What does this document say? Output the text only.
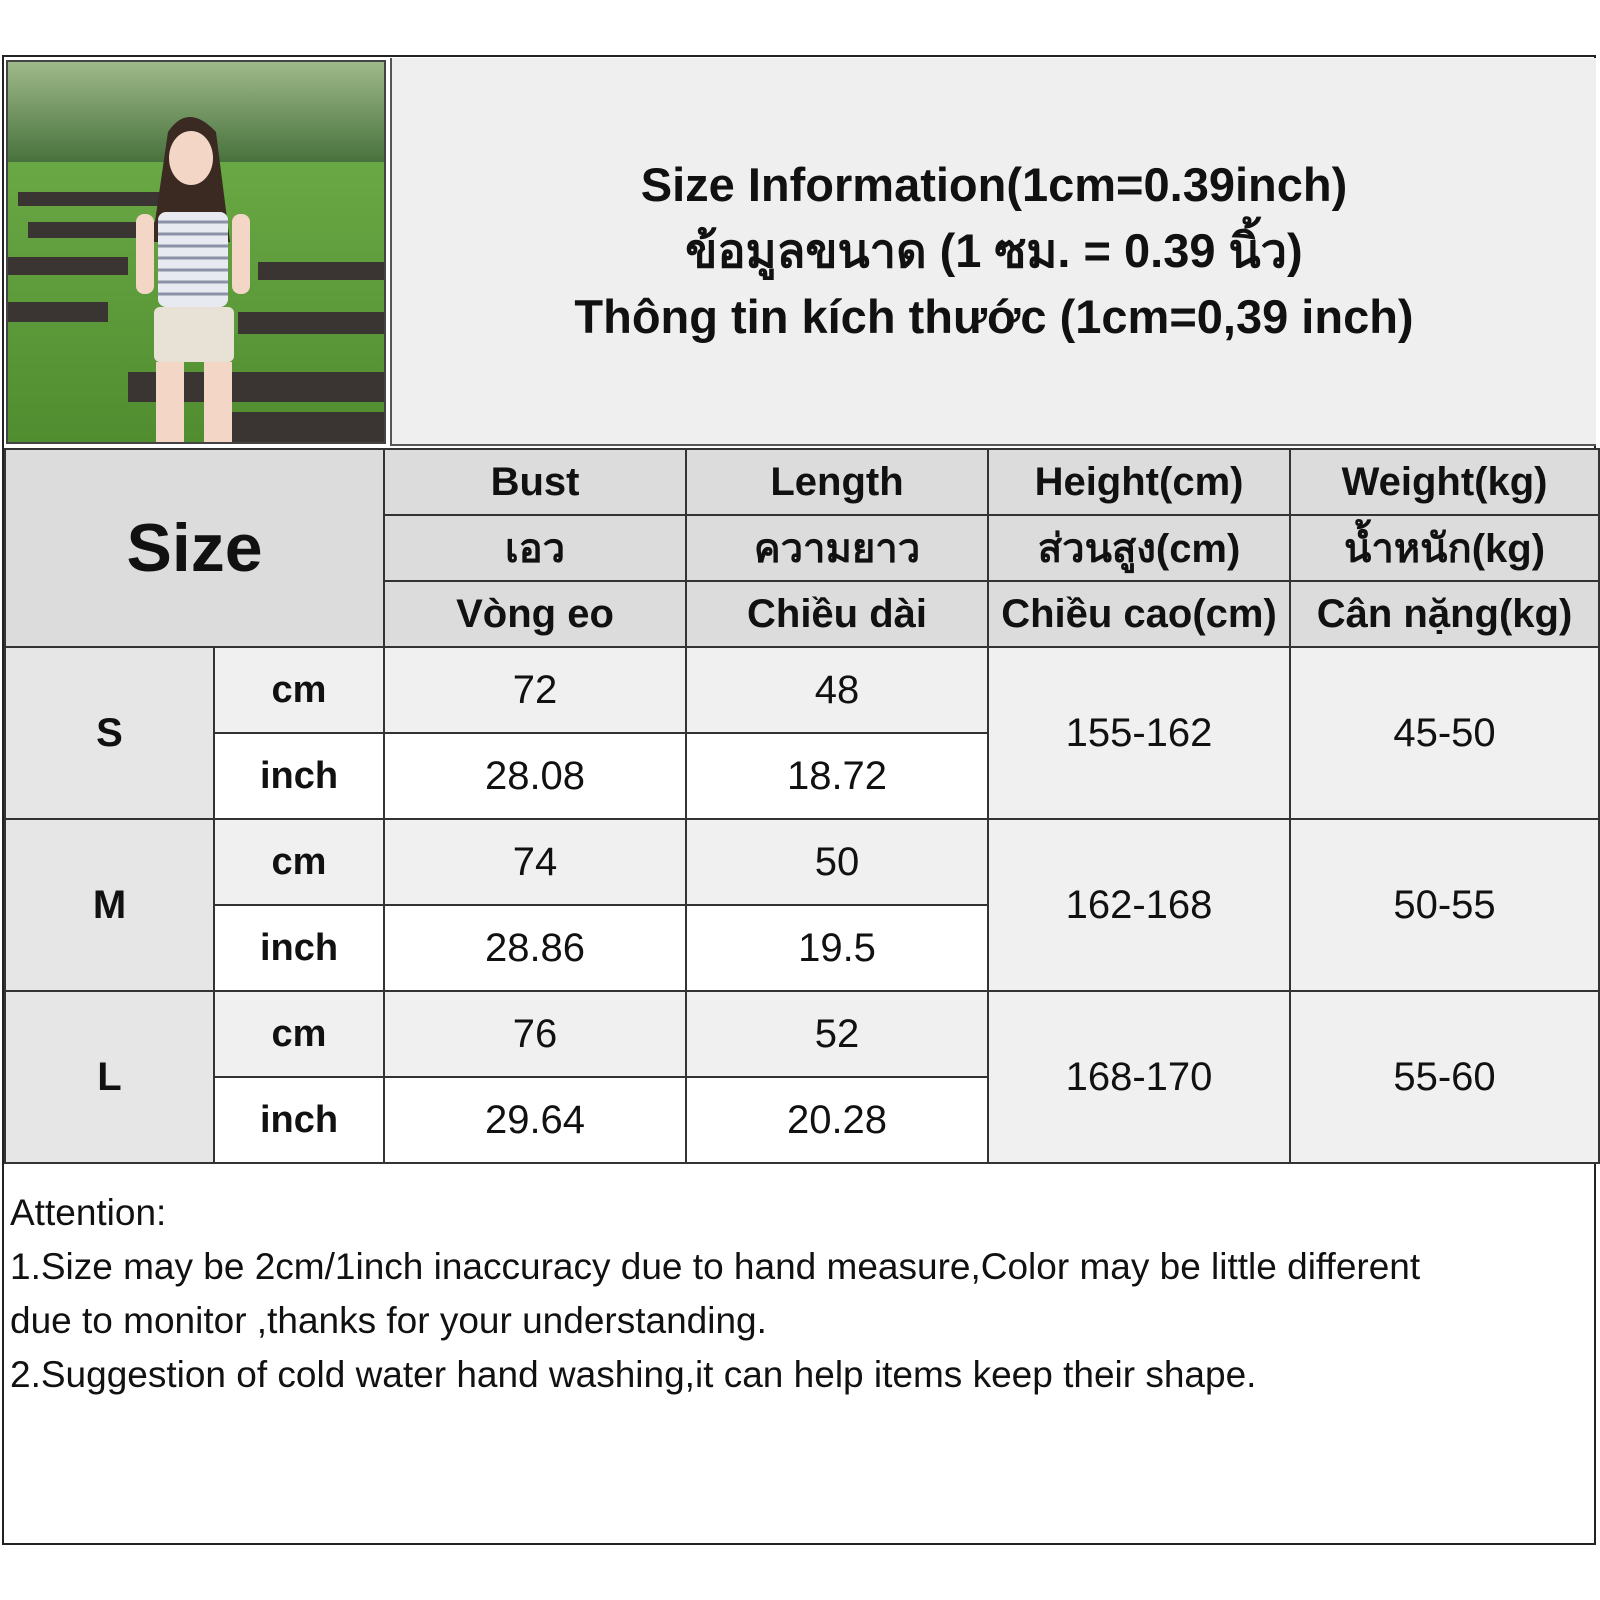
Size Information(1cm=0.39inch)
ข้อมูลขนาด (1 ซม. = 0.39 นิ้ว)
Thông tin kích thước (1cm=0,39 inch)
Size		Bust	Length	Height(cm)	Weight(kg)
		เอว	ความยาว	ส่วนสูง(cm)	น้ำหนัก(kg)
		Vòng eo	Chiều dài	Chiều cao(cm)	Cân nặng(kg)
S	cm	72	48	155-162	45-50
	inch	28.08	18.72		
M	cm	74	50	162-168	50-55
	inch	28.86	19.5		
L	cm	76	52	168-170	55-60
	inch	29.64	20.28		
Attention:
1.Size may be 2cm/1inch inaccuracy due to hand measure,Color may be little different
due to monitor ,thanks for your understanding.
2.Suggestion of cold water hand washing,it can help items keep their shape.
